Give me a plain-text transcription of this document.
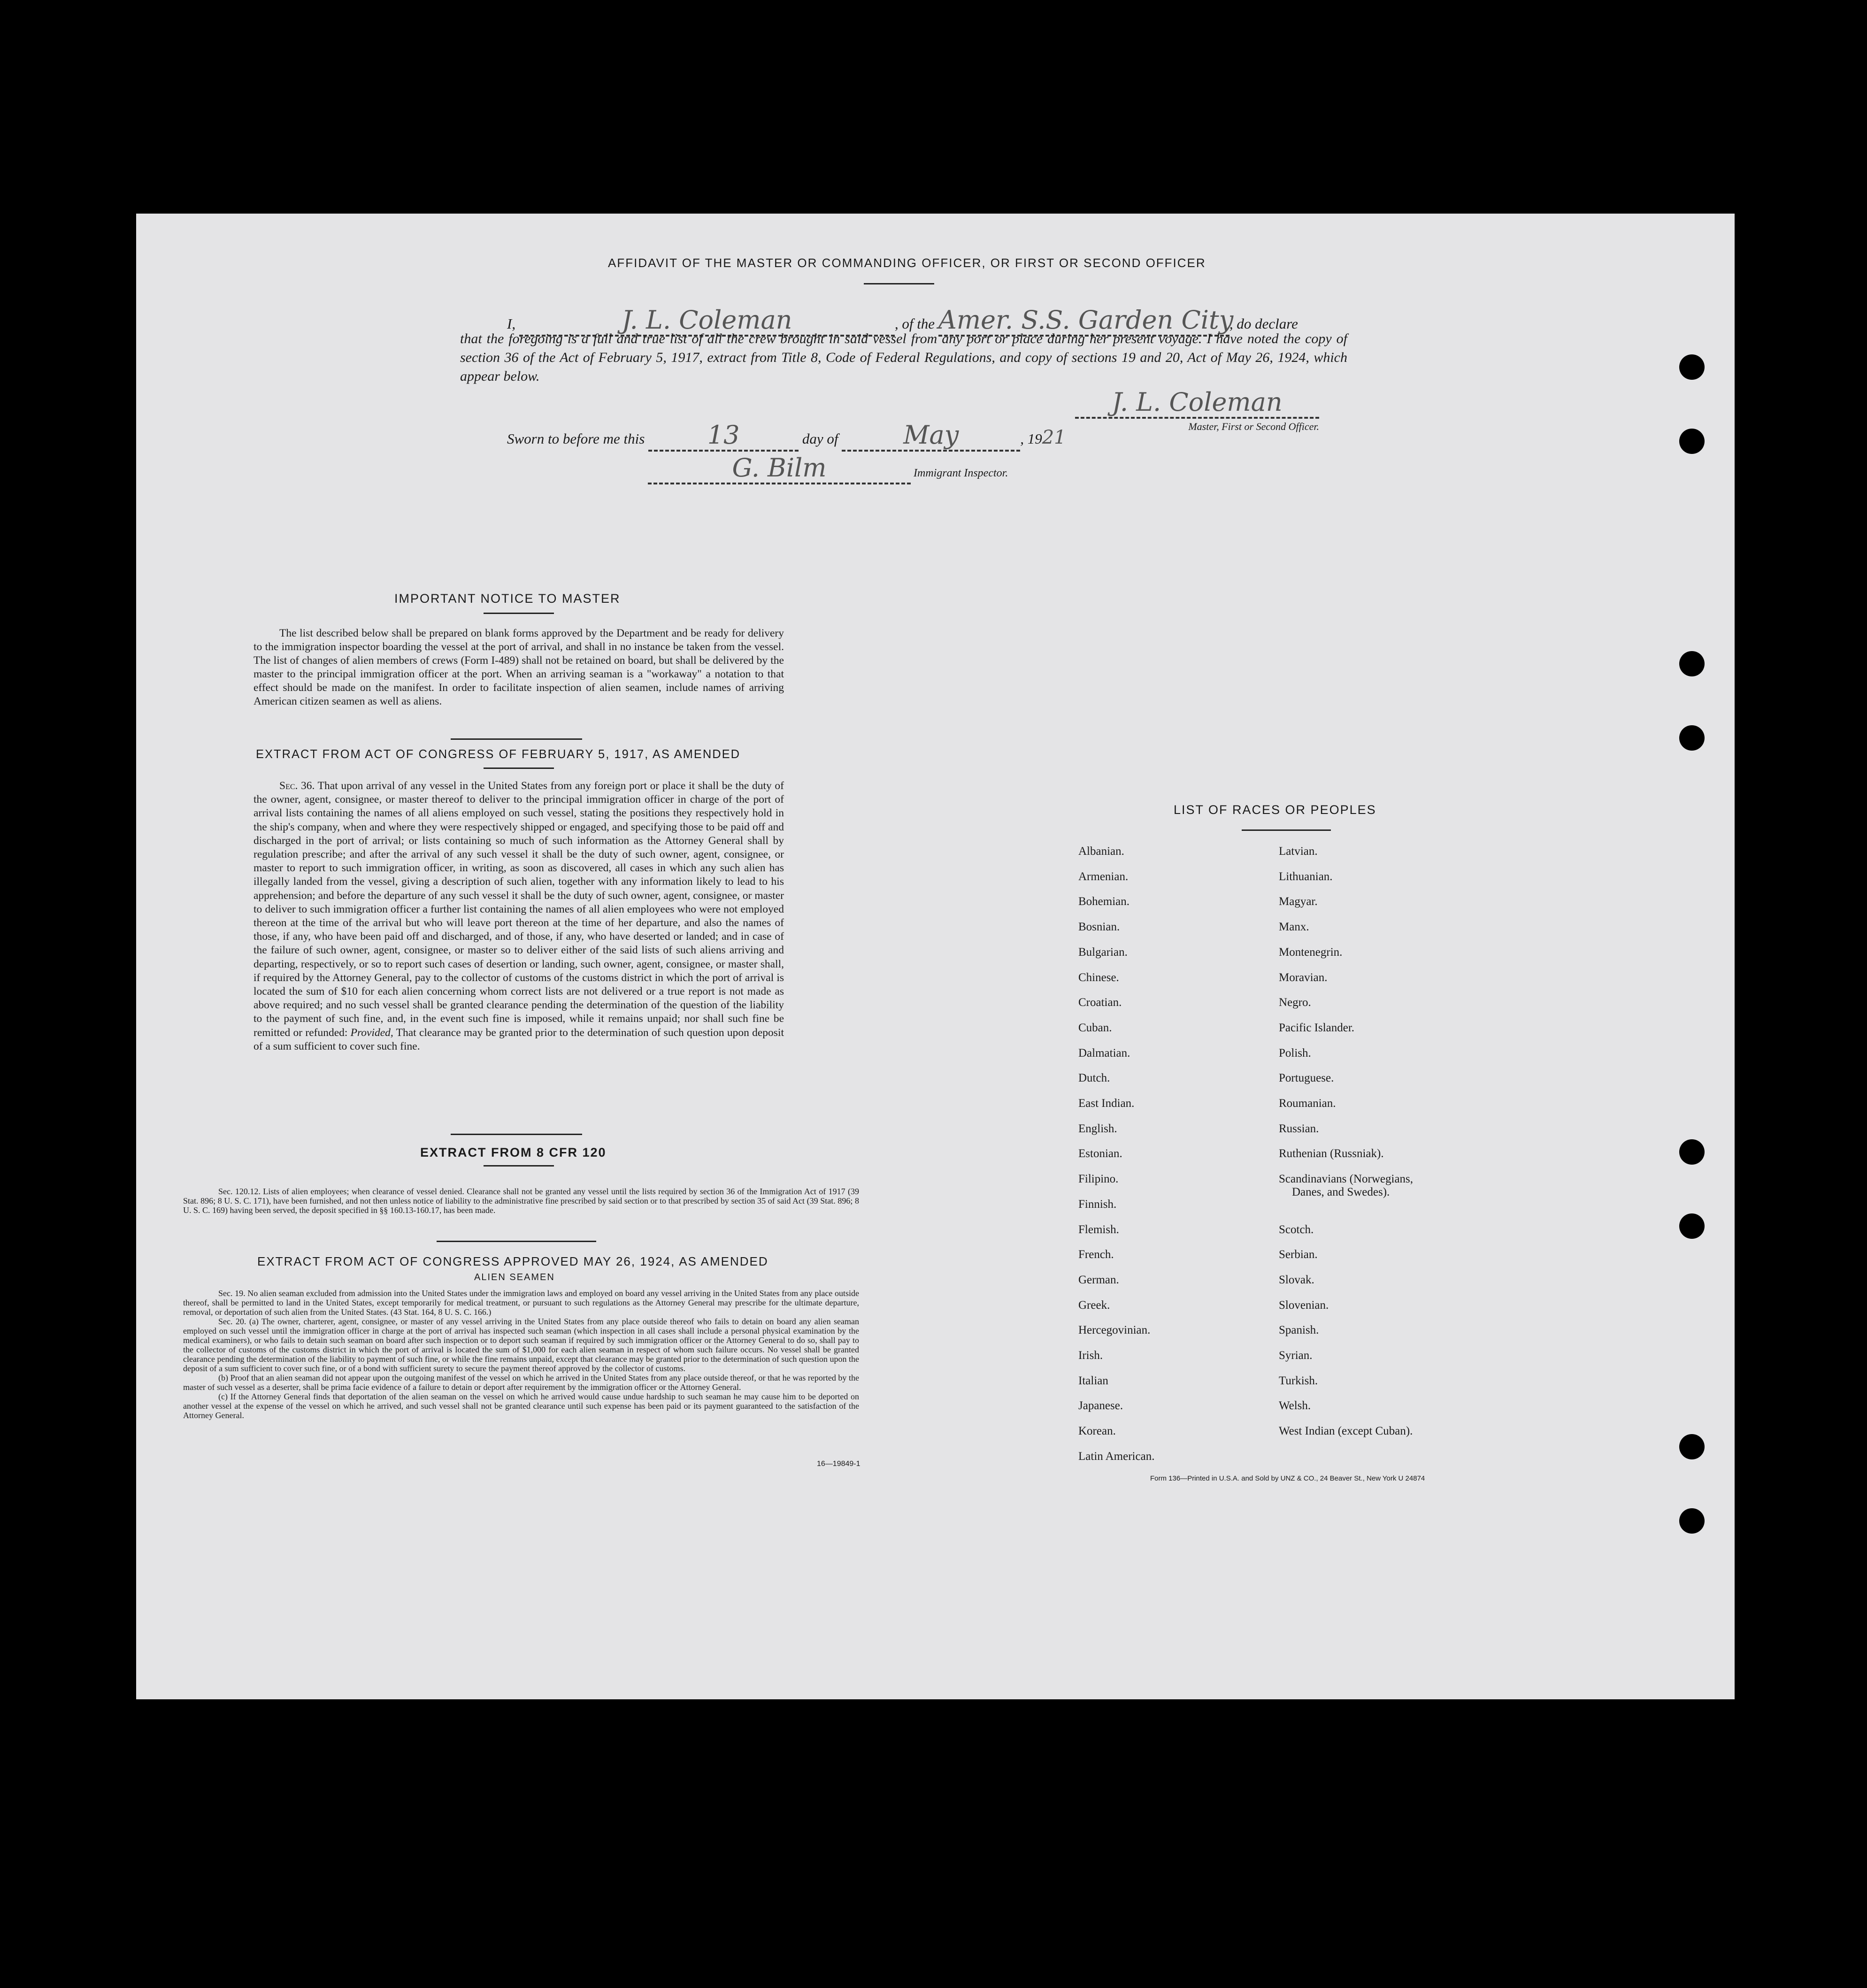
AFFIDAVIT OF THE MASTER OR COMMANDING OFFICER, OR FIRST OR SECOND OFFICER
I,	J. L. Coleman	, of the Amer. S.S. Garden City, do declare
that the foregoing is a full and true list of all the crew brought in said vessel from any port or place during her present voyage. I have noted the copy of section 36 of the Act of February 5, 1917, extract from Title 8, Code of Federal Regulations, and copy of sections 19 and 20, Act of May 26, 1924, which appear below.
J. L. Coleman
Master, First or Second Officer.
Sworn to before me this 13	day of	May	, 1921
G. Bilm	Immigrant Inspector.
IMPORTANT NOTICE TO MASTER
The list described below shall be prepared on blank forms approved by the Department and be ready for delivery to the immigration inspector boarding the vessel at the port of arrival, and shall in no instance be taken from the vessel. The list of changes of alien members of crews (Form I-489) shall not be retained on board, but shall be delivered by the master to the principal immigration officer at the port. When an arriving seaman is a "workaway" a notation to that effect should be made on the manifest. In order to facilitate inspection of alien seamen, include names of arriving American citizen seamen as well as aliens.
EXTRACT FROM ACT OF CONGRESS OF FEBRUARY 5, 1917, AS AMENDED
Sec. 36. That upon arrival of any vessel in the United States from any foreign port or place it shall be the duty of the owner, agent, consignee, or master thereof to deliver to the principal immigration officer in charge of the port of arrival lists containing the names of all aliens employed on such vessel, stating the positions they respectively hold in the ship's company, when and where they were respectively shipped or engaged, and specifying those to be paid off and discharged in the port of arrival; or lists containing so much of such information as the Attorney General shall by regulation prescribe; and after the arrival of any such vessel it shall be the duty of such owner, agent, consignee, or master to report to such immigration officer, in writing, as soon as discovered, all cases in which any such alien has illegally landed from the vessel, giving a description of such alien, together with any information likely to lead to his apprehension; and before the departure of any such vessel it shall be the duty of such owner, agent, consignee, or master to deliver to such immigration officer a further list containing the names of all alien employees who were not employed thereon at the time of the arrival but who will leave port thereon at the time of her departure, and also the names of those, if any, who have been paid off and discharged, and of those, if any, who have deserted or landed; and in case of the failure of such owner, agent, consignee, or master so to deliver either of the said lists of such aliens arriving and departing, respectively, or so to report such cases of desertion or landing, such owner, agent, consignee, or master shall, if required by the Attorney General, pay to the collector of customs of the customs district in which the port of arrival is located the sum of $10 for each alien concerning whom correct lists are not delivered or a true report is not made as above required; and no such vessel shall be granted clearance pending the determination of the question of the liability to the payment of such fine, and, in the event such fine is imposed, while it remains unpaid; nor shall such fine be remitted or refunded: Provided, That clearance may be granted prior to the determination of such question upon deposit of a sum sufficient to cover such fine.
EXTRACT FROM 8 CFR 120
Sec. 120.12. Lists of alien employees; when clearance of vessel denied. Clearance shall not be granted any vessel until the lists required by section 36 of the Immigration Act of 1917 (39 Stat. 896; 8 U. S. C. 171), have been furnished, and not then unless notice of liability to the administrative fine prescribed by said section or to that prescribed by section 35 of said Act (39 Stat. 896; 8 U. S. C. 169) having been served, the deposit specified in §§ 160.13-160.17, has been made.
EXTRACT FROM ACT OF CONGRESS APPROVED MAY 26, 1924, AS AMENDED
ALIEN SEAMEN
Sec. 19. No alien seaman excluded from admission into the United States under the immigration laws and employed on board any vessel arriving in the United States from any place outside thereof, shall be permitted to land in the United States, except temporarily for medical treatment, or pursuant to such regulations as the Attorney General may prescribe for the ultimate departure, removal, or deportation of such alien from the United States. (43 Stat. 164, 8 U. S. C. 166.)
Sec. 20. (a) The owner, charterer, agent, consignee, or master of any vessel arriving in the United States from any place outside thereof who fails to detain on board any alien seaman employed on such vessel until the immigration officer in charge at the port of arrival has inspected such seaman (which inspection in all cases shall include a personal physical examination by the medical examiners), or who fails to detain such seaman on board after such inspection or to deport such seaman if required by such immigration officer or the Attorney General to do so, shall pay to the collector of customs of the customs district in which the port of arrival is located the sum of $1,000 for each alien seaman in respect of whom such failure occurs. No vessel shall be granted clearance pending the determination of the liability to payment of such fine, or while the fine remains unpaid, except that clearance may be granted prior to the determination of such question upon the deposit of a sum sufficient to cover such fine, or of a bond with sufficient surety to secure the payment thereof approved by the collector of customs.
(b) Proof that an alien seaman did not appear upon the outgoing manifest of the vessel on which he arrived in the United States from any place outside thereof, or that he was reported by the master of such vessel as a deserter, shall be prima facie evidence of a failure to detain or deport after requirement by the immigration officer or the Attorney General.
(c) If the Attorney General finds that deportation of the alien seaman on the vessel on which he arrived would cause undue hardship to such seaman he may cause him to be deported on another vessel at the expense of the vessel on which he arrived, and such vessel shall not be granted clearance until such expense has been paid or its payment guaranteed to the satisfaction of the Attorney General.
16—19849-1
LIST OF RACES OR PEOPLES
Albanian.
Armenian.
Bohemian.
Bosnian.
Bulgarian.
Chinese.
Croatian.
Cuban.
Dalmatian.
Dutch.
East Indian.
English.
Estonian.
Filipino.
Finnish.
Flemish.
French.
German.
Greek.
Hercegovinian.
Irish.
Italian
Japanese.
Korean.
Latin American.
Latvian.
Lithuanian.
Magyar.
Manx.
Montenegrin.
Moravian.
Negro.
Pacific Islander.
Polish.
Portuguese.
Roumanian.
Russian.
Ruthenian (Russniak).
Scandinavians (Norwegians,
Danes, and Swedes).
Scotch.
Serbian.
Slovak.
Slovenian.
Spanish.
Syrian.
Turkish.
Welsh.
West Indian (except Cuban).
Form 136—Printed in U.S.A. and Sold by UNZ & CO., 24 Beaver St., New York U 24874
